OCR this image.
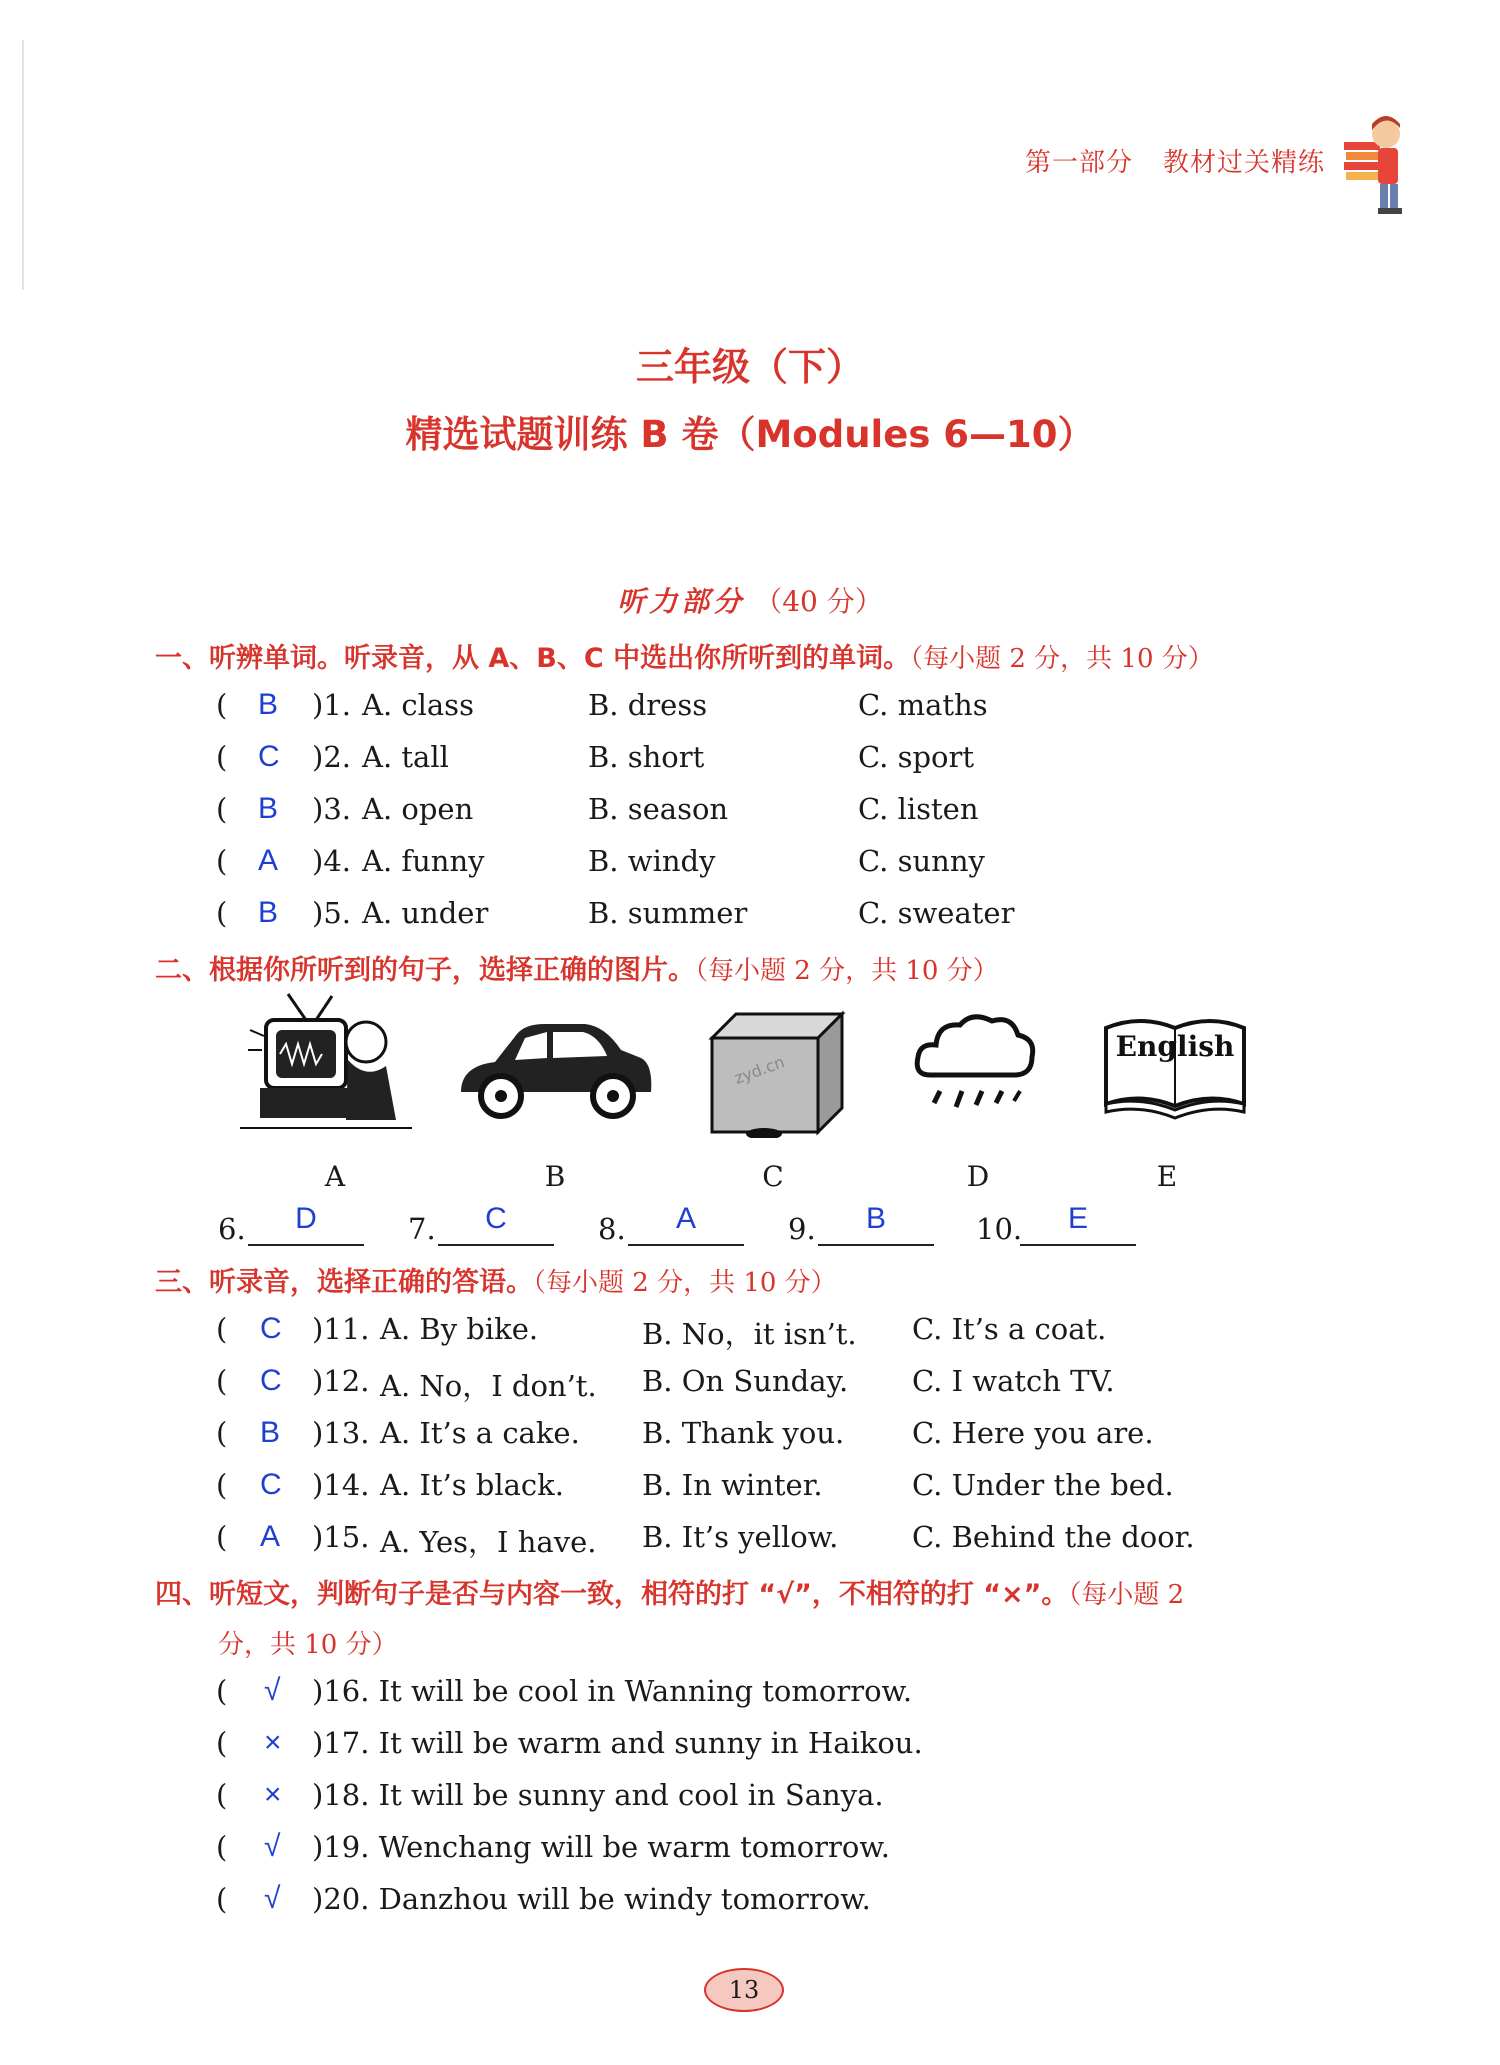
第一部分 教材过关精练
三年级（下）
精选试题训练 B 卷（Modules 6—10）
听力部分 （40 分）
一、听辨单词。听录音，从 A、B、C 中选出你所听到的单词。（每小题 2 分，共 10 分）
( B )1. A. class	B. dress	C. maths
( C )2. A. tall	B. short	C. sport
( B )3. A. open	B. season	C. listen
( A )4. A. funny	B. windy	C. sunny
( B )5. A. under	B. summer	C. sweater
二、根据你所听到的句子，选择正确的图片。（每小题 2 分，共 10 分）
zyd.cn
English
A	B	C	D	E
6.	D	7.	C	8.	A	9.	B	10.	E
三、听录音，选择正确的答语。（每小题 2 分，共 10 分）
( C )11. A. By bike.	B. No，it isn’t. C. It’s a coat.
( C )12. A. No，I don’t. B. On Sunday. C. I watch TV.
( B )13. A. It’s a cake. B. Thank you. C. Here you are.
( C )14. A. It’s black.	B. In winter.	C. Under the bed.
( A )15. A. Yes，I have. B. It’s yellow.	C. Behind the door.
四、听短文，判断句子是否与内容一致，相符的打 “√”，不相符的打 “×”。（每小题 2
分，共 10 分）
( √ )16. It will be cool in Wanning tomorrow.
( × )17. It will be warm and sunny in Haikou.
( × )18. It will be sunny and cool in Sanya.
( √ )19. Wenchang will be warm tomorrow.
( √ )20. Danzhou will be windy tomorrow.
13
